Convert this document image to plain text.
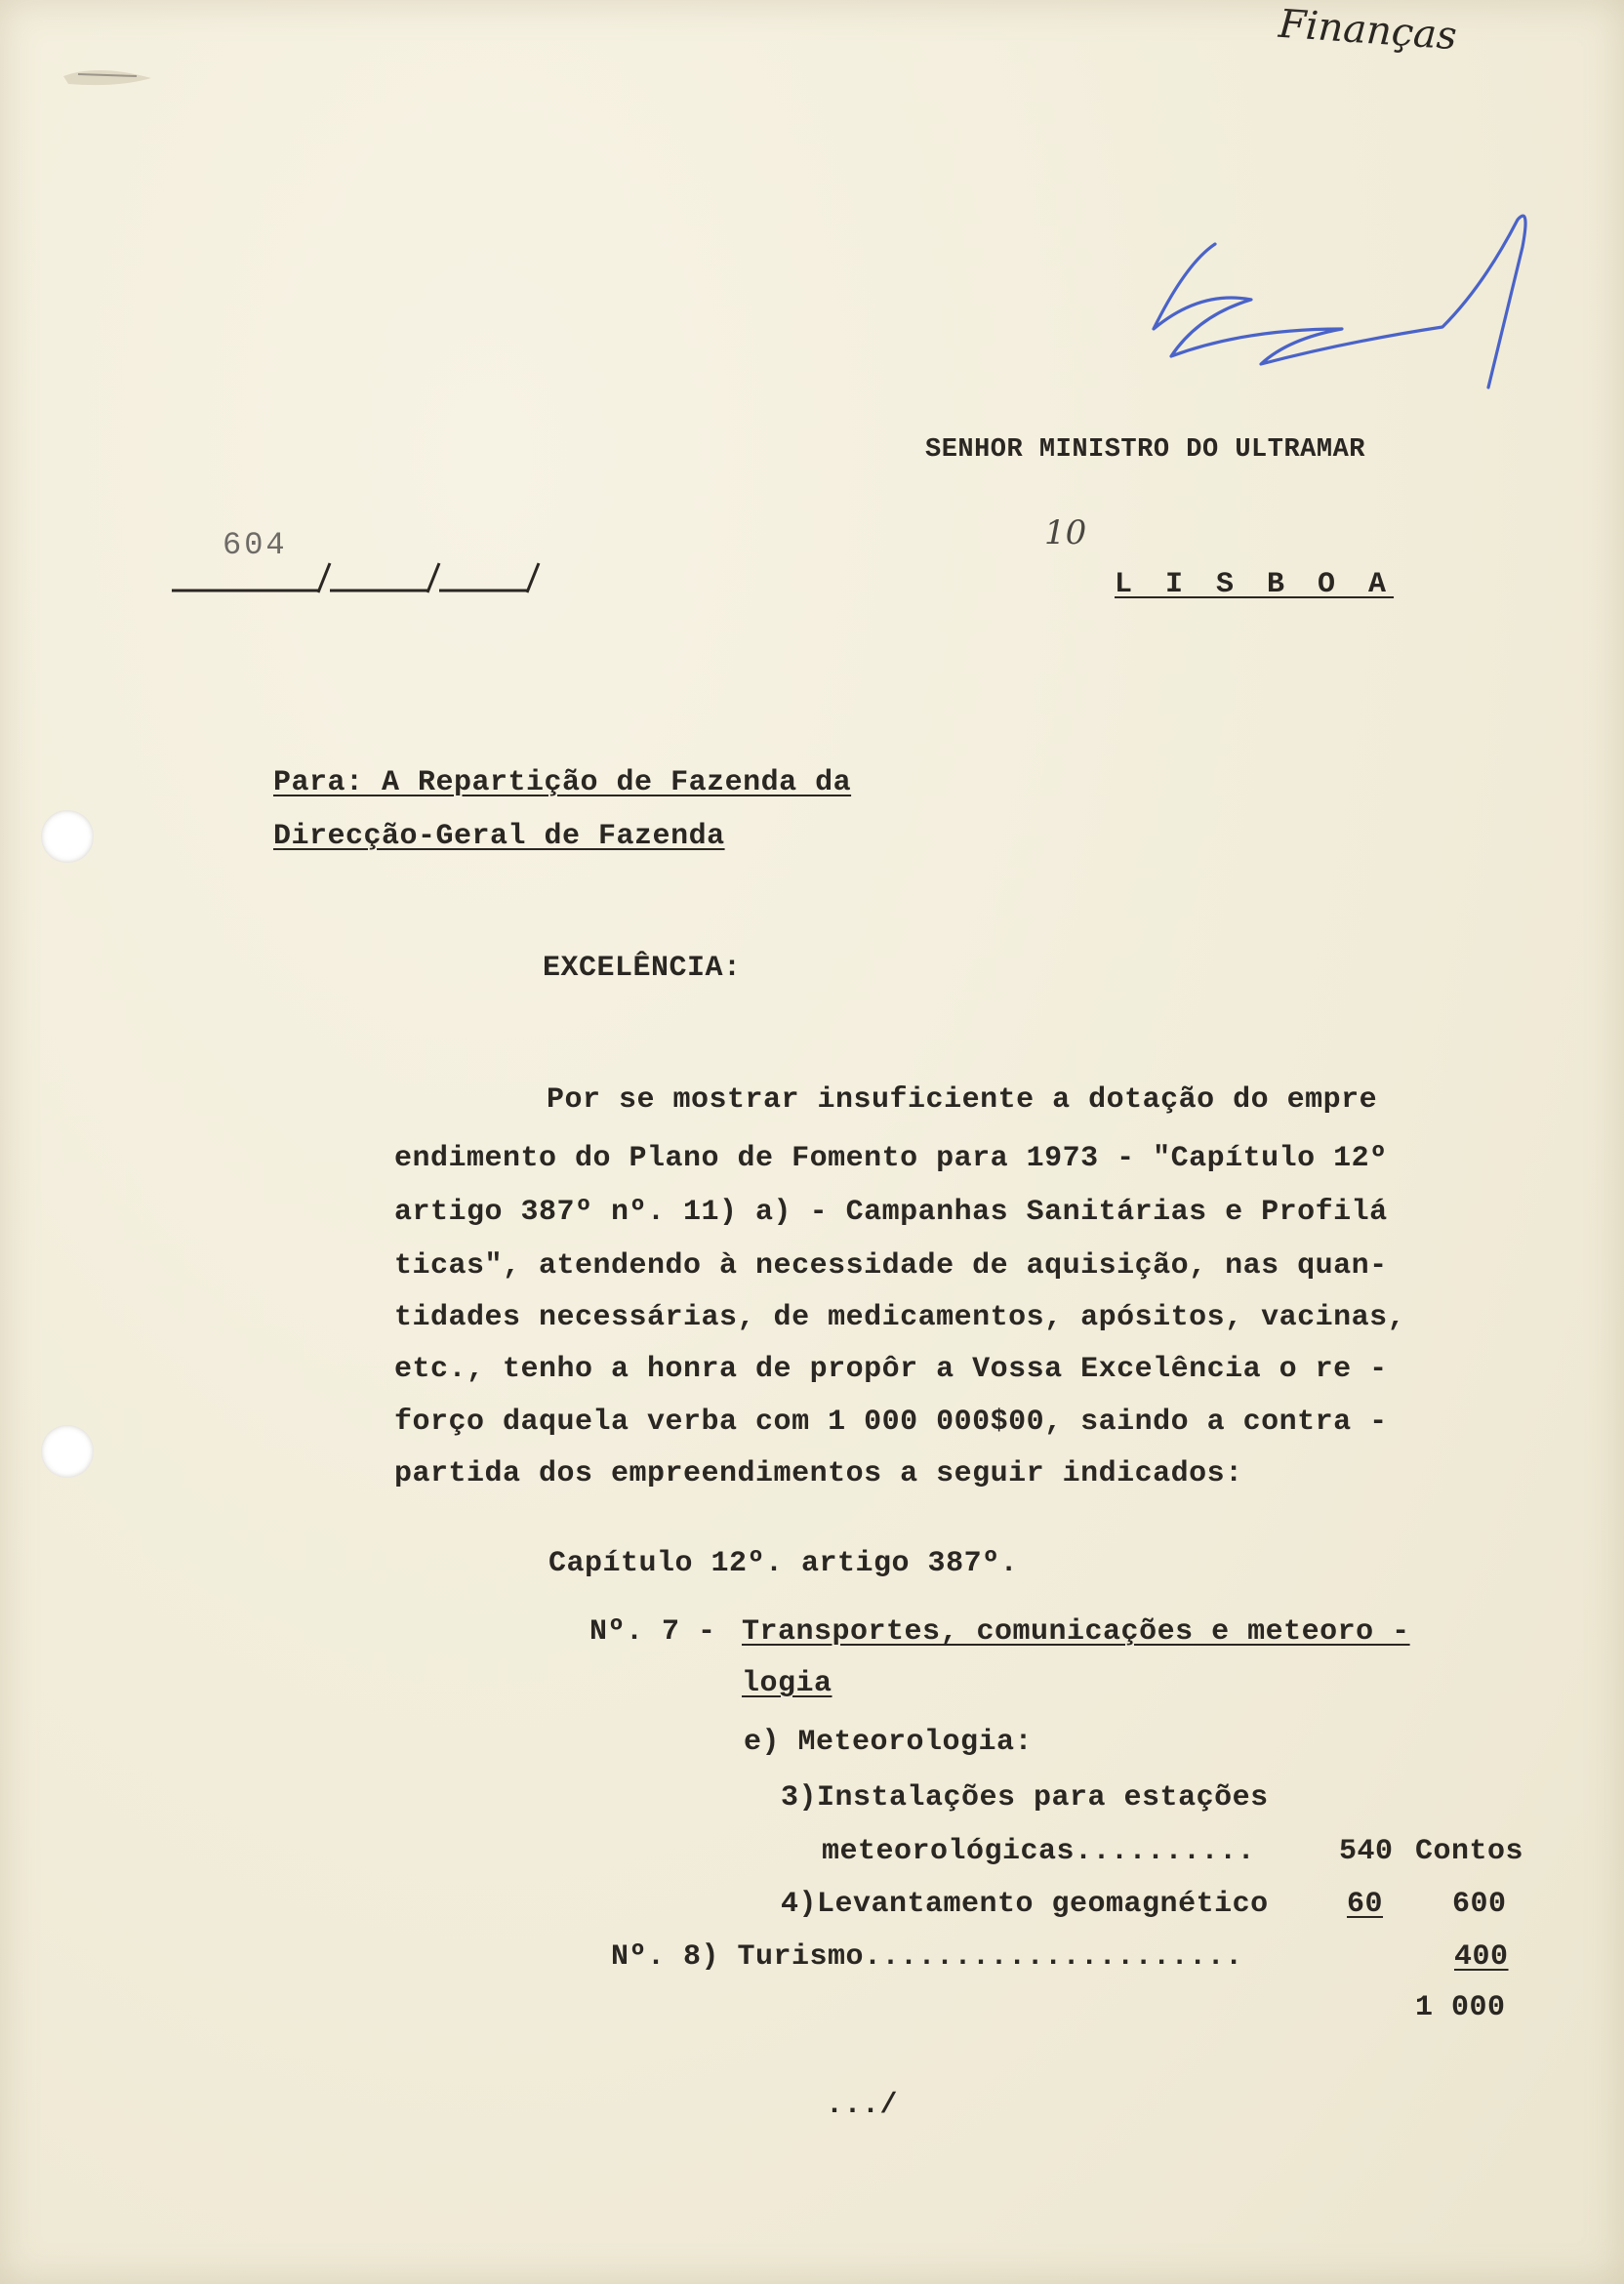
Finanças
SENHOR MINISTRO DO ULTRAMAR
604	10
L I S B O A
Para: A Repartição de Fazenda da
Direcção-Geral de Fazenda
EXCELÊNCIA:
Por se mostrar insuficiente a dotação do empre
endimento do Plano de Fomento para 1973 - "Capítulo 12º
artigo 387º nº. 11) a) - Campanhas Sanitárias e Profilá
ticas", atendendo à necessidade de aquisição, nas quan-
tidades necessárias, de medicamentos, apósitos, vacinas,
etc., tenho a honra de propôr a Vossa Excelência o re -
forço daquela verba com 1 000 000$00, saindo a contra -
partida dos empreendimentos a seguir indicados:
Capítulo 12º. artigo 387º.
Nº. 7 - Transportes, comunicações e meteoro -
logia
e) Meteorologia:
3)Instalações para estações
meteorológicas..........	540 Contos
4)Levantamento geomagnético	60 600
Nº. 8) Turismo.....................	400
1 000
.../
